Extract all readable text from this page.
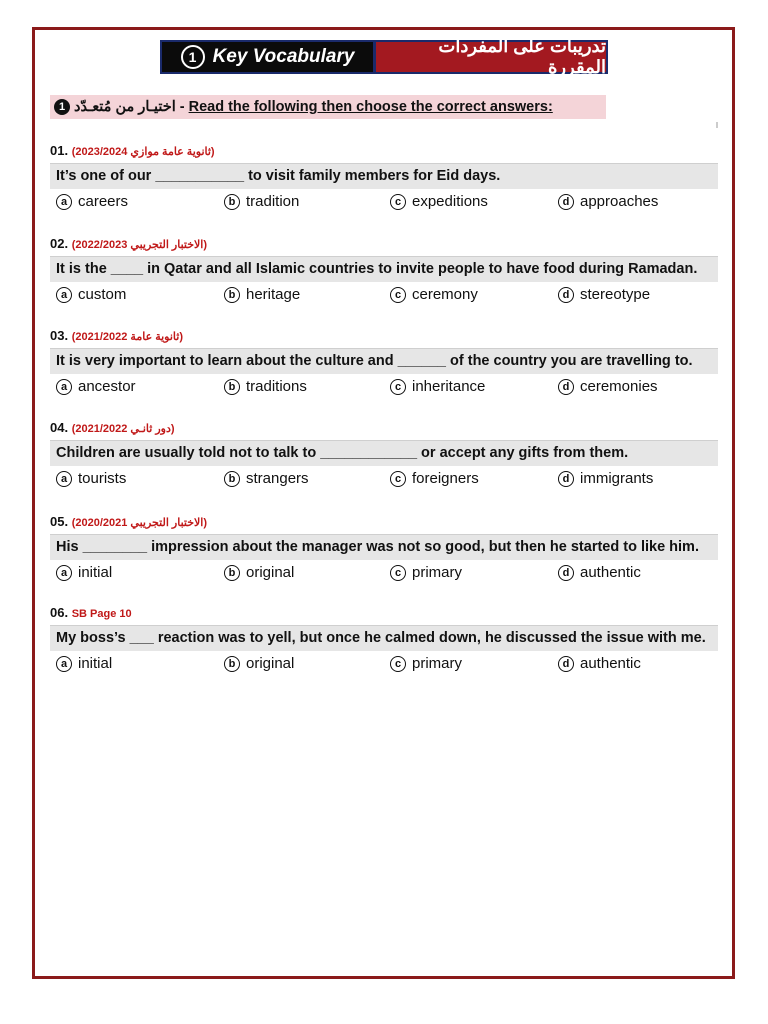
1 Key Vocabulary	تدريبات على المفردات المقررة
1 اختيـار من مُتعـدّد - Read the following then choose the correct answers:
01. (ثانوية عامة موازي 2023/2024)
It’s one of our ___________ to visit family members for Eid days.
a careers	b tradition	c expeditions	d approaches
02. (الاختبار التجريبي 2022/2023)
It is the ____ in Qatar and all Islamic countries to invite people to have food during Ramadan.
a custom	b heritage	c ceremony	d stereotype
03. (ثانوية عامة 2021/2022)
It is very important to learn about the culture and ______ of the country you are travelling to.
a ancestor	b traditions	c inheritance	d ceremonies
04. (دور ثانـي 2021/2022)
Children are usually told not to talk to ____________ or accept any gifts from them.
a tourists	b strangers	c foreigners	d immigrants
05. (الاختبار التجريبي 2020/2021)
His ________ impression about the manager was not so good, but then he started to like him.
a initial	b original	c primary	d authentic
06. SB Page 10
My boss’s ___ reaction was to yell, but once he calmed down, he discussed the issue with me.
a initial	b original	c primary	d authentic
